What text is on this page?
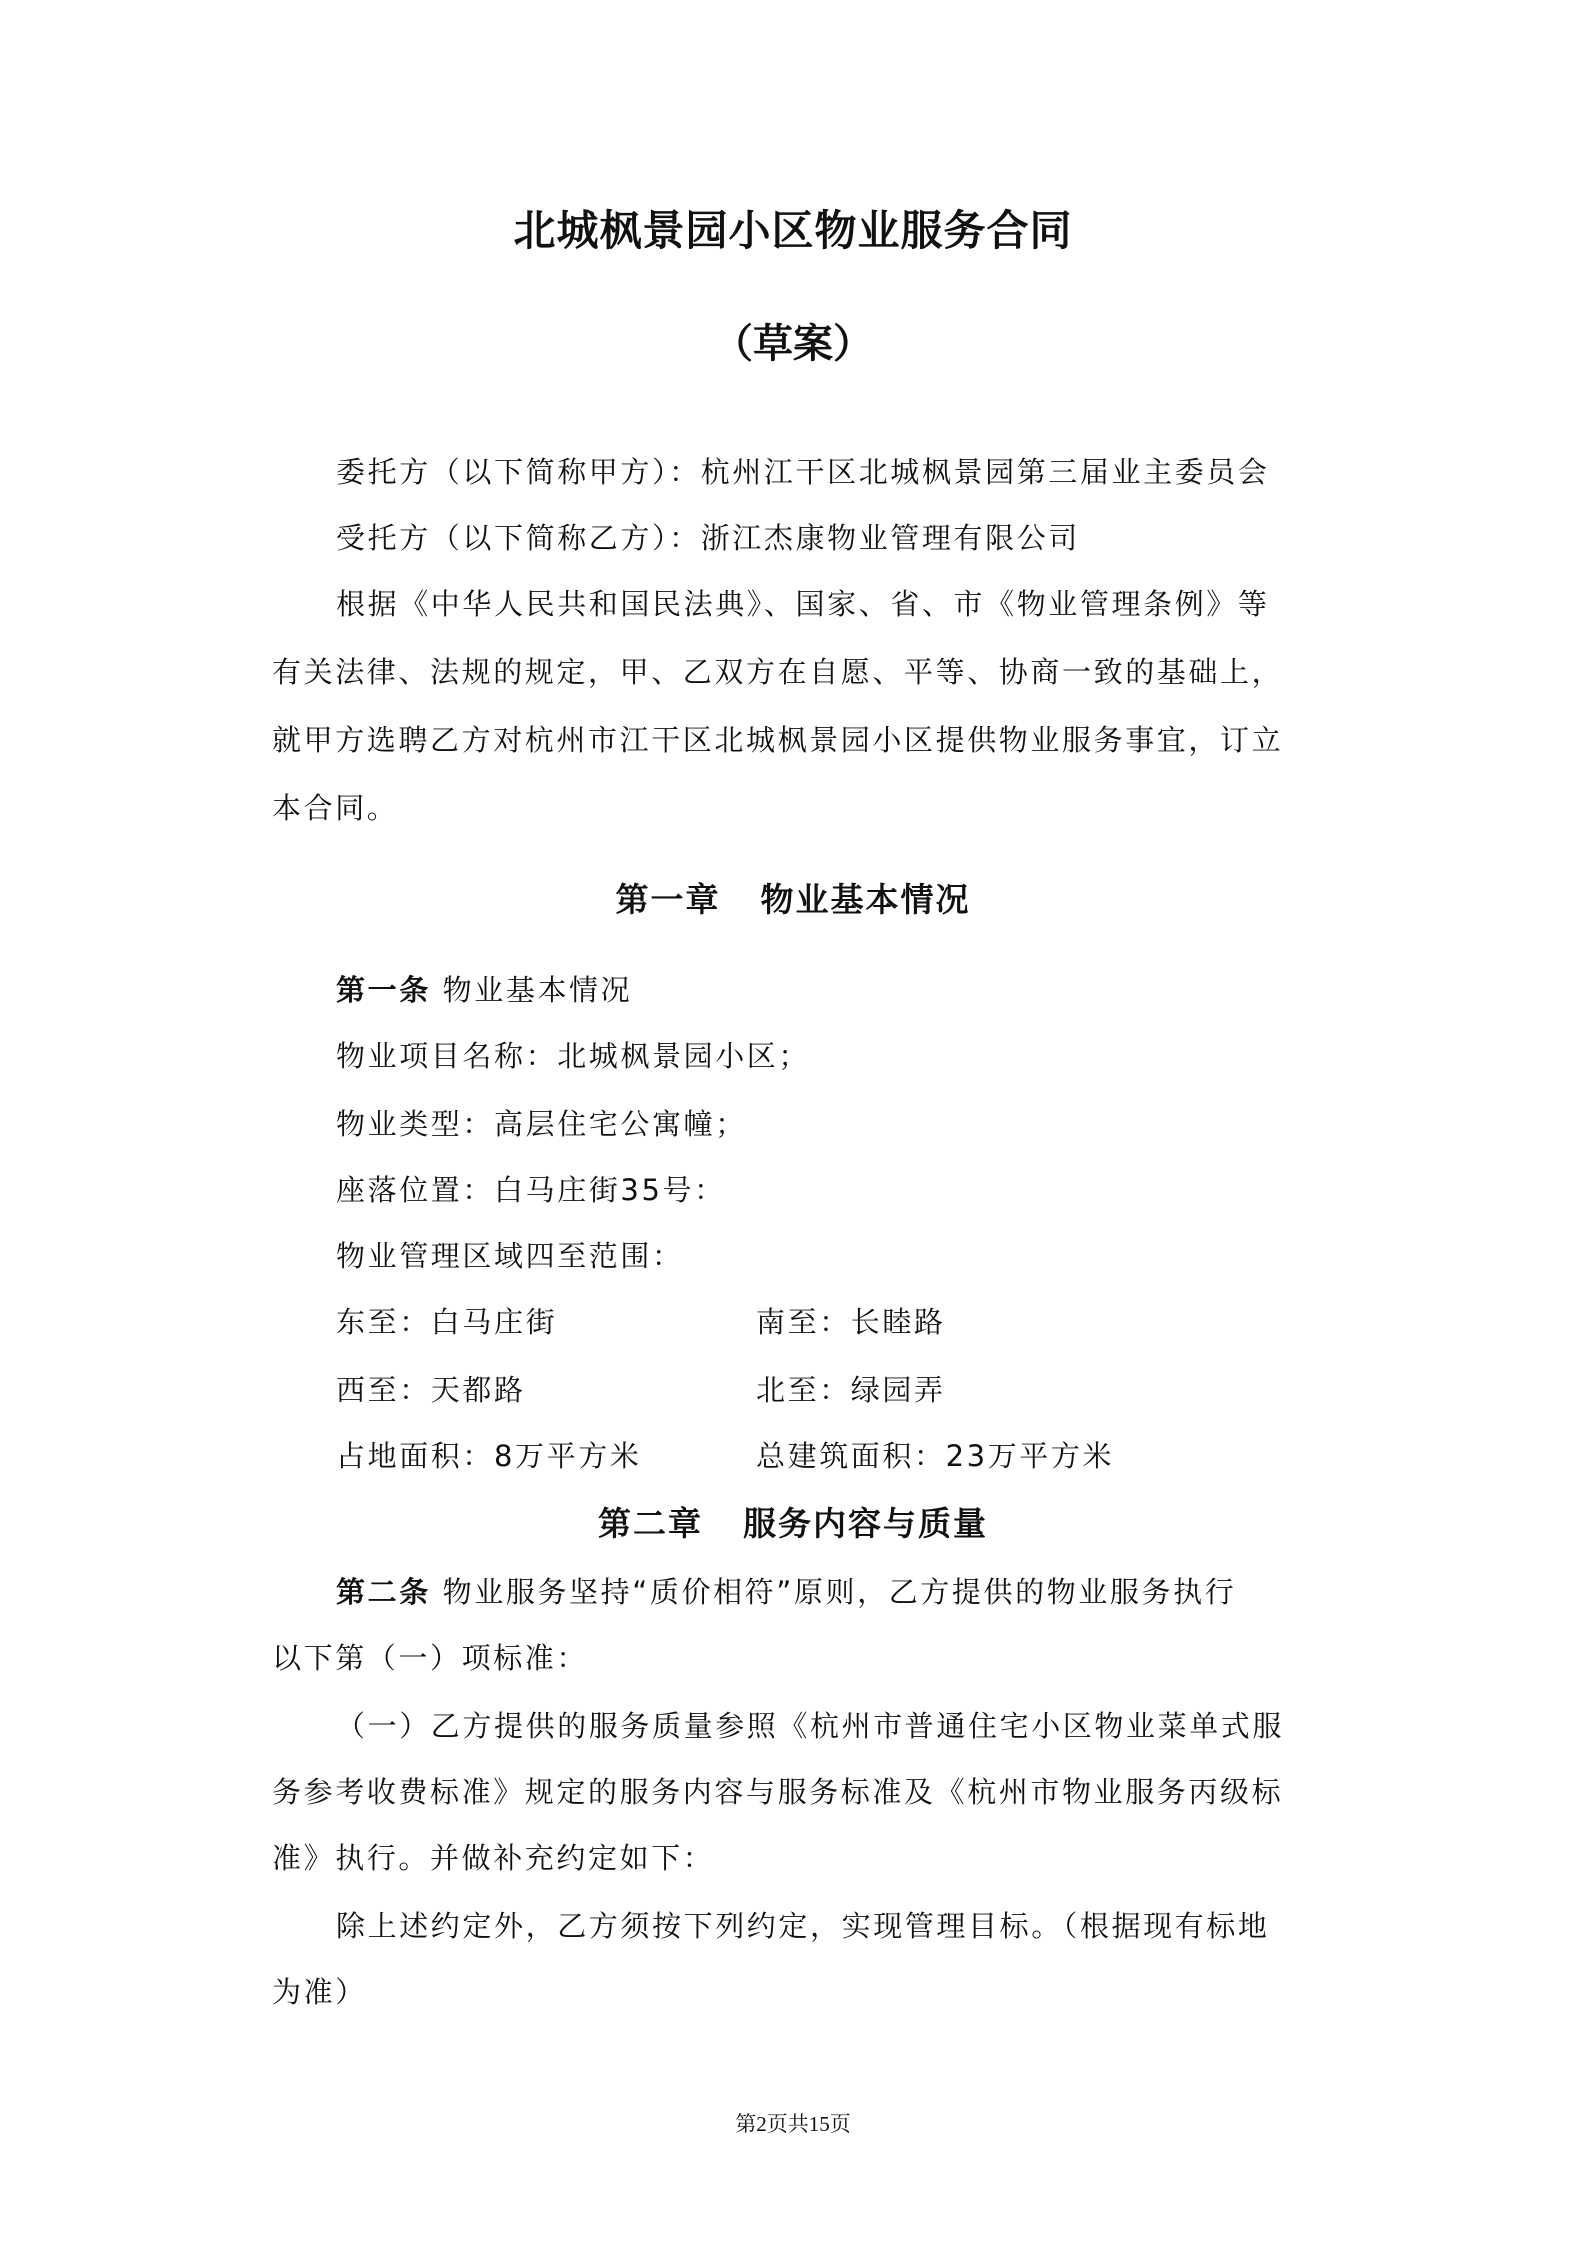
北城枫景园小区物业服务合同
（草案）
委托方（以下简称甲方）：杭州江干区北城枫景园第三届业主委员会
受托方（以下简称乙方）：浙江杰康物业管理有限公司
根据《中华人民共和国民法典》、国家、省、市《物业管理条例》等
有关法律、法规的规定，甲、乙双方在自愿、平等、协商一致的基础上，
就甲方选聘乙方对杭州市江干区北城枫景园小区提供物业服务事宜，订立
本合同。
第一章 物业基本情况
第一条 物业基本情况
物业项目名称：北城枫景园小区；
物业类型：高层住宅公寓幢；
座落位置：白马庄街35号：
物业管理区域四至范围：
东至：白马庄街	南至：长睦路
西至：天都路	北至：绿园弄
占地面积：8万平方米	总建筑面积：23万平方米
第二章 服务内容与质量
第二条 物业服务坚持“质价相符”原则，乙方提供的物业服务执行
以下第（一）项标准：
（一）乙方提供的服务质量参照《杭州市普通住宅小区物业菜单式服
务参考收费标准》规定的服务内容与服务标准及《杭州市物业服务丙级标
准》执行。并做补充约定如下：
除上述约定外，乙方须按下列约定，实现管理目标。（根据现有标地
为准）
第2页共15页
